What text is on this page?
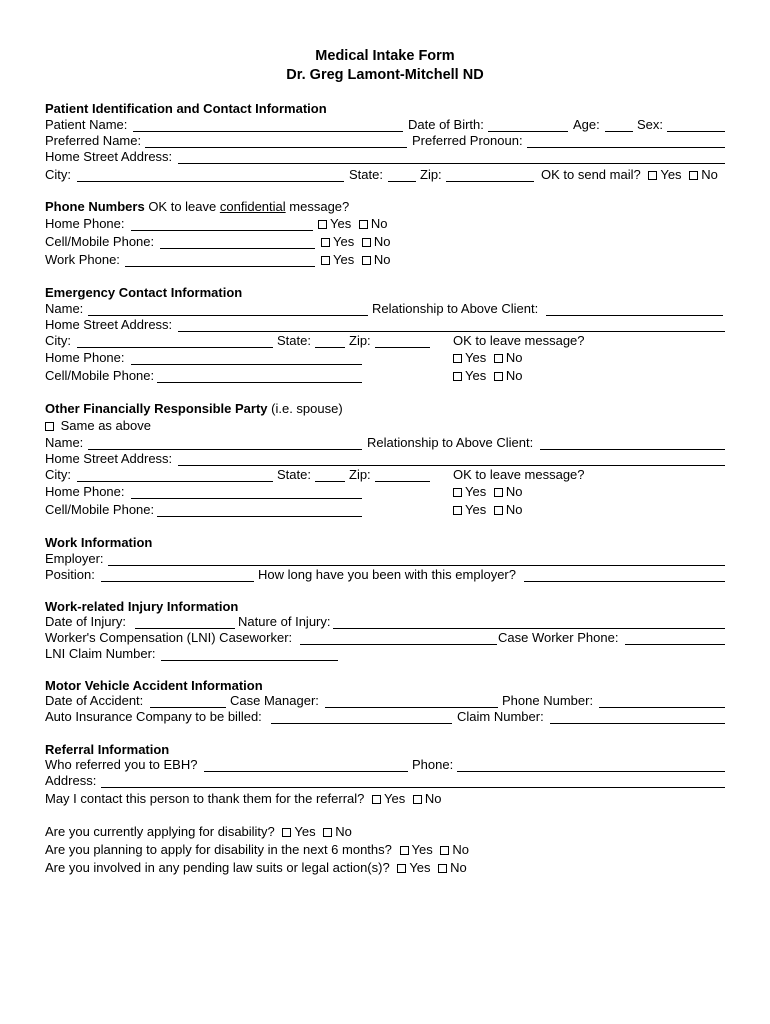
Medical Intake Form
Dr. Greg Lamont-Mitchell ND
Patient Identification and Contact Information
Patient Name:	Date of Birth:	Age:	Sex:
Preferred Name:	Preferred Pronoun:
Home Street Address:
City:	State:	Zip:	OK to send mail? Yes No
Phone Numbers OK to leave confidential message?
Home Phone:	Yes No
Cell/Mobile Phone:	Yes No
Work Phone:	Yes No
Emergency Contact Information
Name:	Relationship to Above Client:
Home Street Address:
City:	State:	Zip:	OK to leave message?
Home Phone:	Yes No
Cell/Mobile Phone:	Yes No
Other Financially Responsible Party (i.e. spouse)
Same as above
Name:	Relationship to Above Client:
Home Street Address:
City:	State:	Zip:	OK to leave message?
Home Phone:	Yes No
Cell/Mobile Phone:	Yes No
Work Information
Employer:
Position:	How long have you been with this employer?
Work-related Injury Information
Date of Injury:	Nature of Injury:
Worker's Compensation (LNI) Caseworker:	Case Worker Phone:
LNI Claim Number:
Motor Vehicle Accident Information
Date of Accident:	Case Manager:	Phone Number:
Auto Insurance Company to be billed:	Claim Number:
Referral Information
Who referred you to EBH?	Phone:
Address:
May I contact this person to thank them for the referral? Yes No
Are you currently applying for disability? Yes No
Are you planning to apply for disability in the next 6 months? Yes No
Are you involved in any pending law suits or legal action(s)? Yes No
